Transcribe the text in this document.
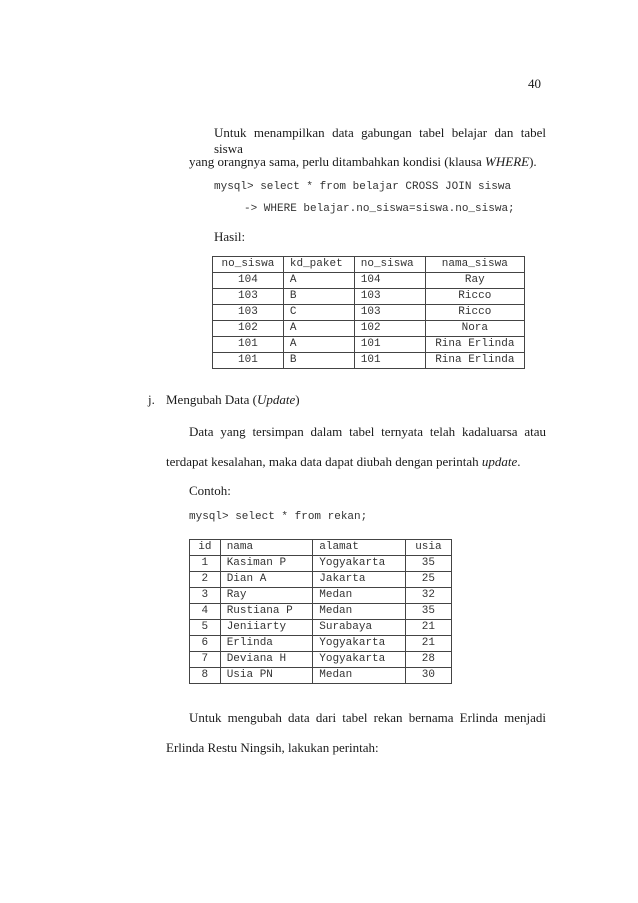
40
Untuk menampilkan data gabungan tabel belajar dan tabel siswa
yang orangnya sama, perlu ditambahkan kondisi (klausa WHERE).
mysql> select * from belajar CROSS JOIN siswa
-> WHERE belajar.no_siswa=siswa.no_siswa;
Hasil:
no_siswa	kd_paket	no_siswa	nama_siswa
104	A	104	Ray
103	B	103	Ricco
103	C	103	Ricco
102	A	102	Nora
101	A	101	Rina Erlinda
101	B	101	Rina Erlinda
j. Mengubah Data (Update)
Data yang tersimpan dalam tabel ternyata telah kadaluarsa atau
terdapat kesalahan, maka data dapat diubah dengan perintah update.
Contoh:
mysql> select * from rekan;
id	nama	alamat	usia
1	Kasiman P	Yogyakarta	35
2	Dian A	Jakarta	25
3	Ray	Medan	32
4	Rustiana P	Medan	35
5	Jeniiarty	Surabaya	21
6	Erlinda	Yogyakarta	21
7	Deviana H	Yogyakarta	28
8	Usia PN	Medan	30
Untuk mengubah data dari tabel rekan bernama Erlinda menjadi
Erlinda Restu Ningsih, lakukan perintah:
